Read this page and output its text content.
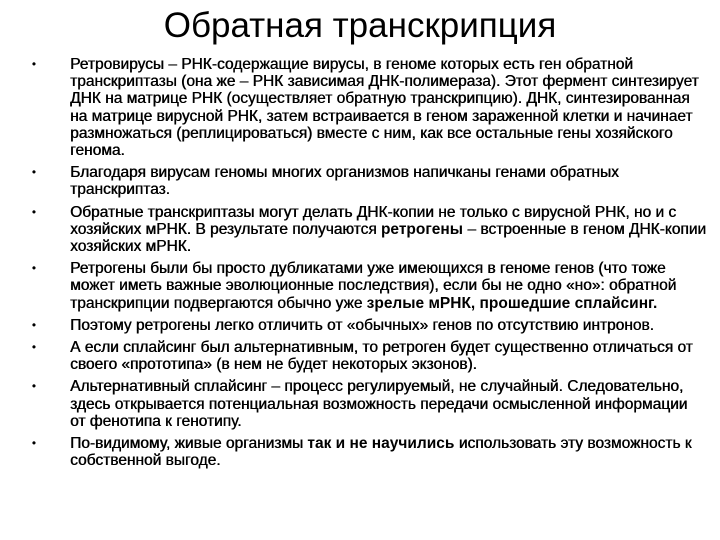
Обратная транскрипция
•	Ретровирусы – РНК-содержащие вирусы, в геноме которых есть ген обратной транскриптазы (она же – РНК зависимая ДНК-полимераза). Этот фермент синтезирует ДНК на матрице РНК (осуществляет обратную транскрипцию). ДНК, синтезированная на матрице вирусной РНК, затем встраивается в геном зараженной клетки и начинает размножаться (реплицироваться) вместе с ним, как все остальные гены хозяйского генома.
•	Благодаря вирусам геномы многих организмов напичканы генами обратных транскриптаз.
•	Обратные транскриптазы могут делать ДНК-копии не только с вирусной РНК, но и с хозяйских мРНК. В результате получаются ретрогены – встроенные в геном ДНК-копии хозяйских мРНК.
•	Ретрогены были бы просто дубликатами уже имеющихся в геноме генов (что тоже может иметь важные эволюционные последствия), если бы не одно «но»: обратной транскрипции подвергаются обычно уже зрелые мРНК, прошедшие сплайсинг.
•	Поэтому ретрогены легко отличить от «обычных» генов по отсутствию интронов.
•	А если сплайсинг был альтернативным, то ретроген будет существенно отличаться от своего «прототипа» (в нем не будет некоторых экзонов).
•	Альтернативный сплайсинг – процесс регулируемый, не случайный. Следовательно, здесь открывается потенциальная возможность передачи осмысленной информации от фенотипа к генотипу.
•	По-видимому, живые организмы так и не научились использовать эту возможность к собственной выгоде.
